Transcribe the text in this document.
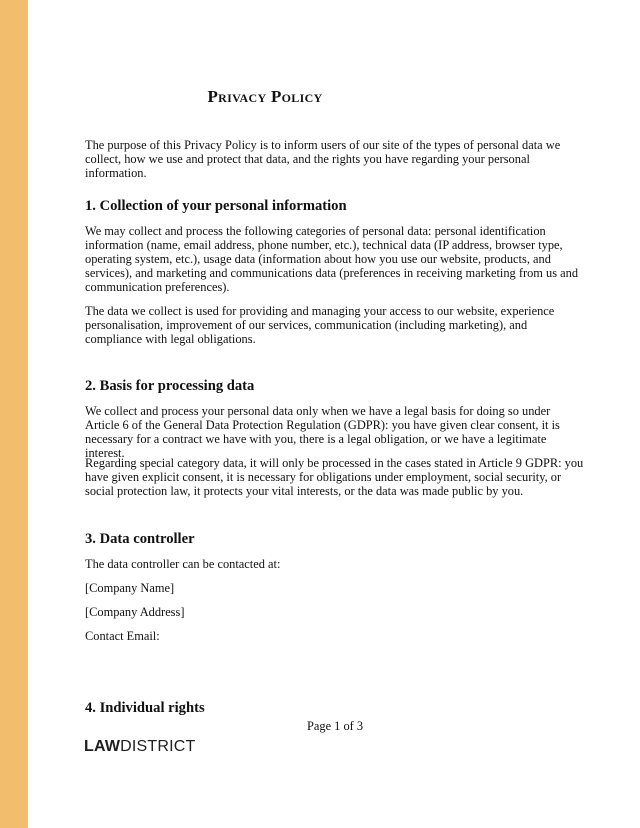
Privacy Policy

The purpose of this Privacy Policy is to inform users of our site of the types of personal data we collect, how we use and protect that data, and the rights you have regarding your personal information.

1. Collection of your personal information

We may collect and process the following categories of personal data: personal identification information (name, email address, phone number, etc.), technical data (IP address, browser type, operating system, etc.), usage data (information about how you use our website, products, and services), and marketing and communications data (preferences in receiving marketing from us and communication preferences).

The data we collect is used for providing and managing your access to our website, experience personalisation, improvement of our services, communication (including marketing), and compliance with legal obligations.

2. Basis for processing data

We collect and process your personal data only when we have a legal basis for doing so under Article 6 of the General Data Protection Regulation (GDPR): you have given clear consent, it is necessary for a contract we have with you, there is a legal obligation, or we have a legitimate interest.

Regarding special category data, it will only be processed in the cases stated in Article 9 GDPR: you have given explicit consent, it is necessary for obligations under employment, social security, or social protection law, it protects your vital interests, or the data was made public by you.

3. Data controller

The data controller can be contacted at:

[Company Name]

[Company Address]

Contact Email:

4. Individual rights
Page 1 of 3
LAWDISTRICT
